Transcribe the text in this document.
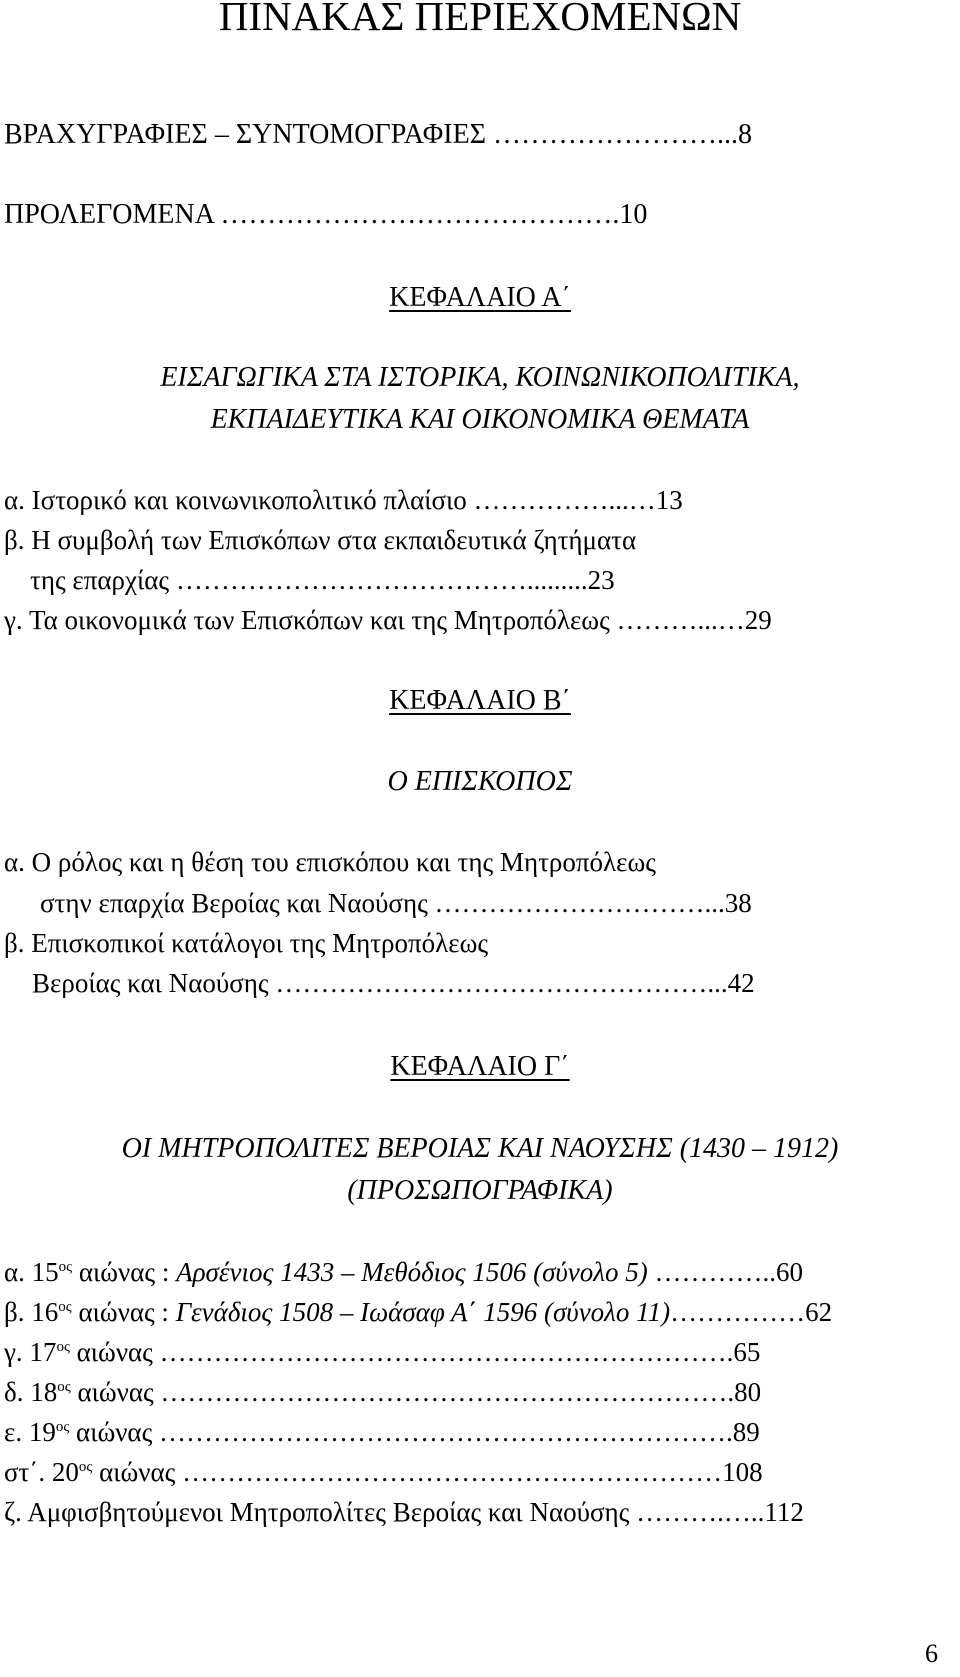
ΠΙΝΑΚΑΣ ΠΕΡΙΕΧΟΜΕΝΩΝ
ΒΡΑΧΥΓΡΑΦΙΕΣ – ΣΥΝΤΟΜΟΓΡΑΦΙΕΣ ……………………...8
ΠΡΟΛΕΓΟΜΕΝΑ …………………………………….10
ΚΕΦΑΛΑΙΟ Α΄
ΕΙΣΑΓΩΓΙΚΑ ΣΤΑ ΙΣΤΟΡΙΚΑ, ΚΟΙΝΩΝΙΚΟΠΟΛΙΤΙΚΑ,
ΕΚΠΑΙΔΕΥΤΙΚΑ ΚΑΙ ΟΙΚΟΝΟΜΙΚΑ ΘΕΜΑΤΑ
α. Ιστορικό και κοινωνικοπολιτικό πλαίσιο ……………...…13
β. Η συμβολή των Επισκόπων στα εκπαιδευτικά ζητήματα
της επαρχίας ………………………………….........23
γ. Τα οικονομικά των Επισκόπων και της Μητροπόλεως ………...…29
ΚΕΦΑΛΑΙΟ Β΄
Ο ΕΠΙΣΚΟΠΟΣ
α. Ο ρόλος και η θέση του επισκόπου και της Μητροπόλεως
στην επαρχία Βεροίας και Ναούσης …………………………...38
β. Επισκοπικοί κατάλογοι της Μητροπόλεως
Βεροίας και Ναούσης …………………………………………...42
ΚΕΦΑΛΑΙΟ Γ΄
ΟΙ ΜΗΤΡΟΠΟΛΙΤΕΣ ΒΕΡΟΙΑΣ ΚΑΙ ΝΑΟΥΣΗΣ (1430 – 1912)
(ΠΡΟΣΩΠΟΓΡΑΦΙΚΑ)
α. $15^{o\varsigma}$ αιώνας : Αρσένιος 1433 – Μεθόδιος 1506 (σύνολο 5) …………..60
β. $16^{o\varsigma}$ αιώνας : Γενάδιος 1508 – Ιωάσαφ Α΄ 1596 (σύνολο 11)……………62
γ. $17^{o\varsigma}$ αιώνας ……………………………………………………….65
δ. $18^{o\varsigma}$ αιώνας ……………………………………………………….80
ε. $19^{o\varsigma}$ αιώνας ……………………………………………………….89
στ΄. $20^{o\varsigma}$ αιώνας ……………………………………………………108
ζ. Αμφισβητούμενοι Μητροπολίτες Βεροίας και Ναούσης ……….…..112
6
